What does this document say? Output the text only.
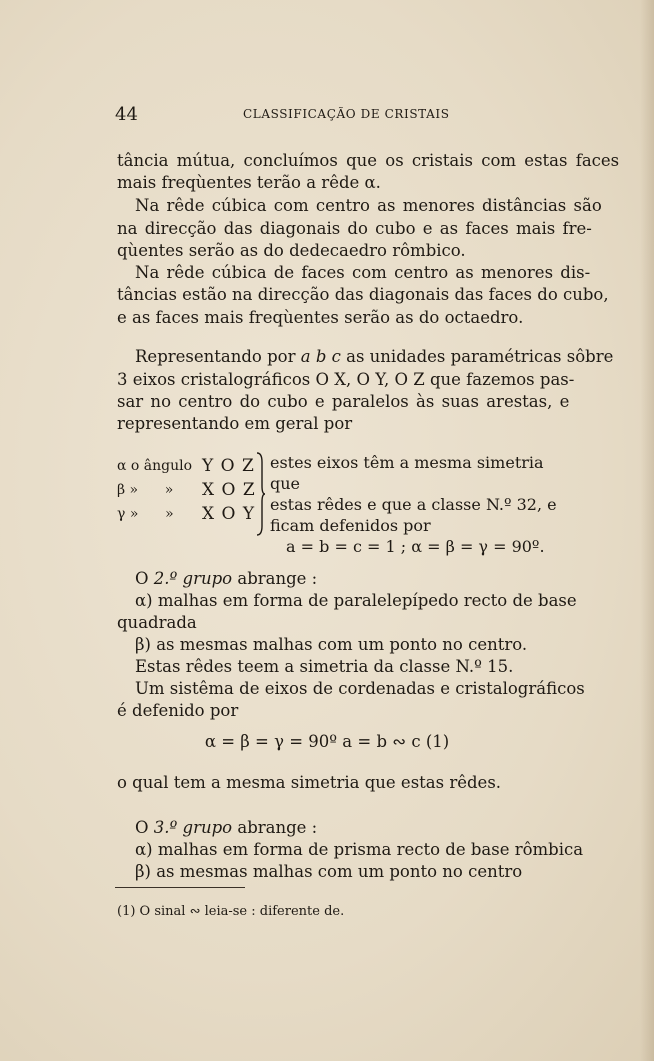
44	CLASSIFICAÇÃO DE CRISTAIS
tância mútua, concluímos que os cristais com estas faces
mais freqùentes terão a rêde α.
Na rêde cúbica com centro as menores distâncias são
na direcção das diagonais do cubo e as faces mais fre-
qùentes serão as do dedecaedro rômbico.
Na rêde cúbica de faces com centro as menores dis-
tâncias estão na direcção das diagonais das faces do cubo,
e as faces mais freqùentes serão as do octaedro.
Representando por a b c as unidades paramétricas sôbre
3 eixos cristalográficos O X, O Y, O Z que fazemos pas-
sar no centro do cubo e paralelos às suas arestas, e
representando em geral por
α o ângulo Y O Z
β »      » X O Z
γ »      » X O Y
estes eixos têm a mesma simetria que
estas rêdes e que a classe N.º 32, e
ficam defenidos por
a = b = c = 1 ; α = β = γ = 90º.
O 2.º grupo abrange :
α) malhas em forma de paralelepípedo recto de base
quadrada
β) as mesmas malhas com um ponto no centro.
Estas rêdes teem a simetria da classe N.º 15.
Um sistêma de eixos de cordenadas e cristalográficos
é defenido por
α = β = γ = 90º a = b ∾ c (1)
o qual tem a mesma simetria que estas rêdes.
O 3.º grupo abrange :
α) malhas em forma de prisma recto de base rômbica
β) as mesmas malhas com um ponto no centro
(1) O sinal ∾ leia-se : diferente de.
